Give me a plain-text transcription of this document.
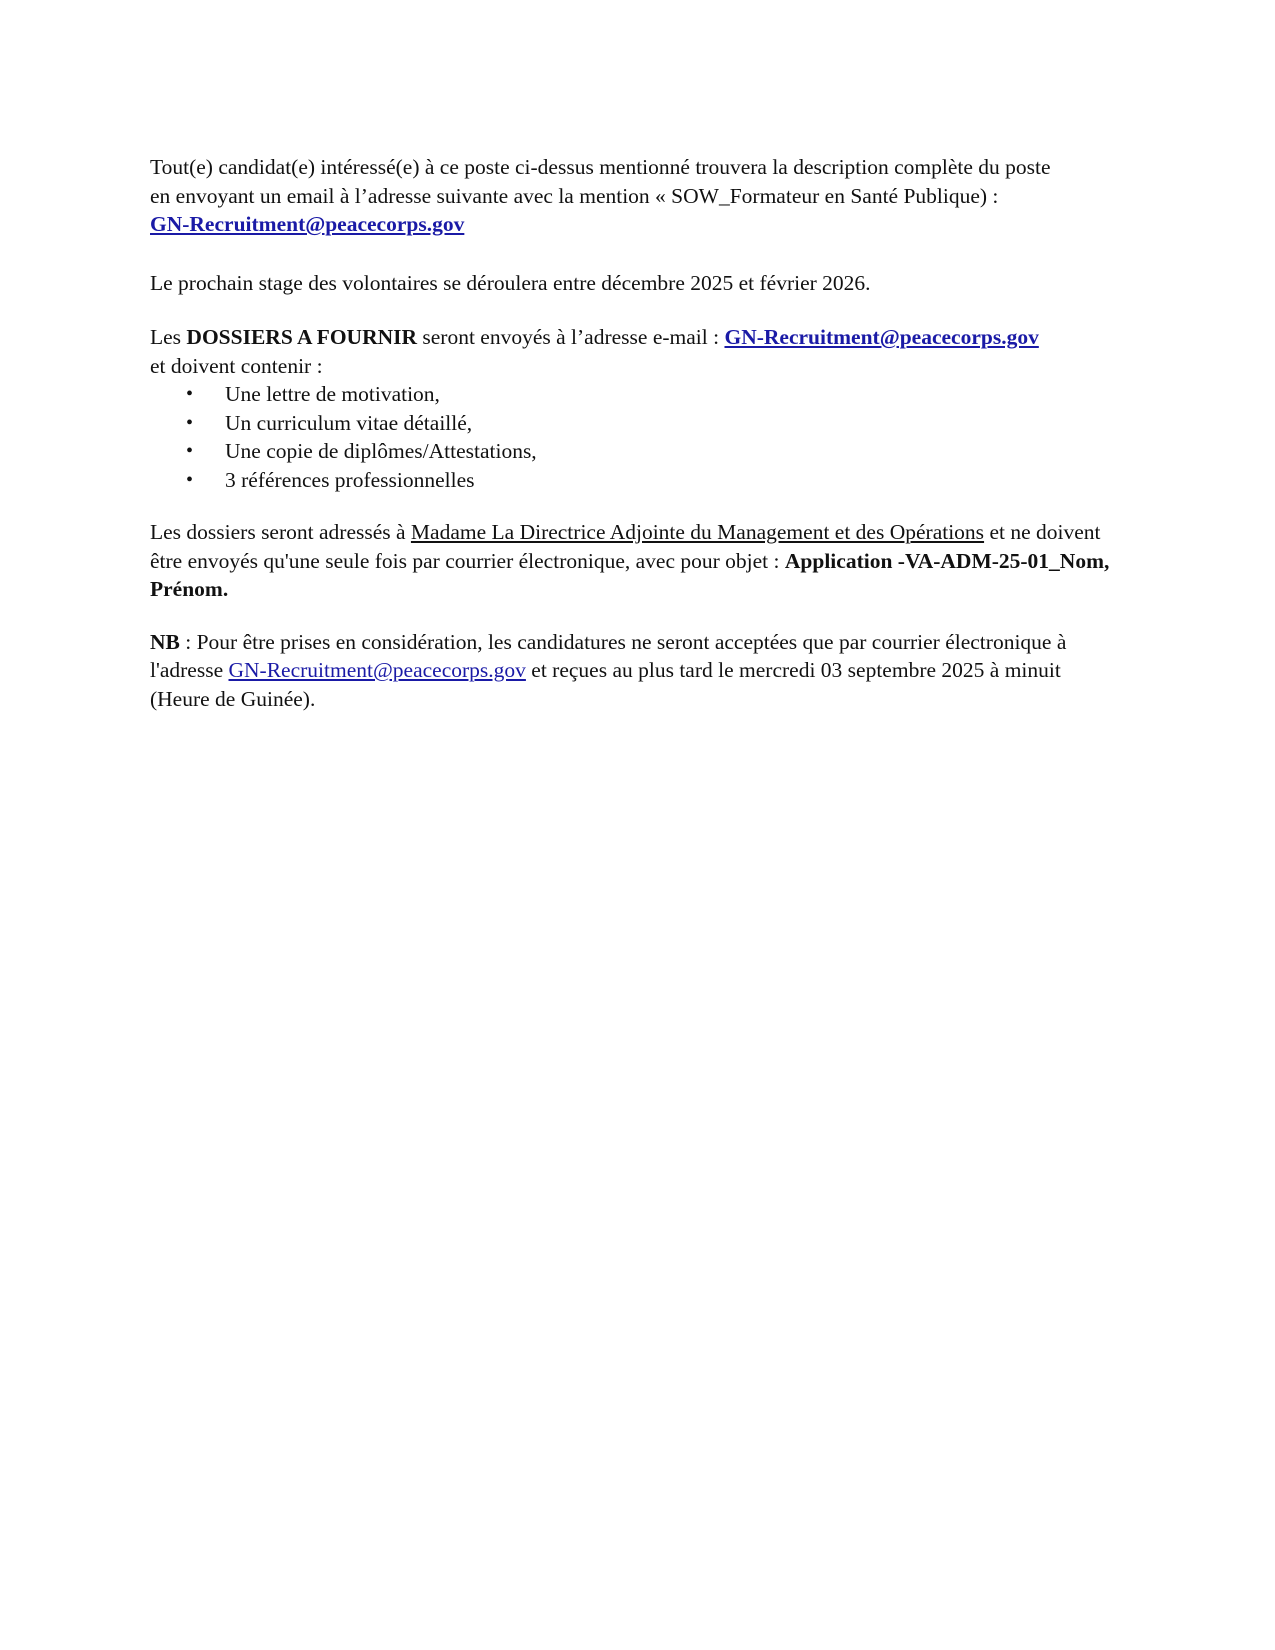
Tout(e) candidat(e) intéressé(e) à ce poste ci-dessus mentionné trouvera la description complète du poste
en envoyant un email à l’adresse suivante avec la mention « SOW_Formateur en Santé Publique) :
GN-Recruitment@peacecorps.gov

Le prochain stage des volontaires se déroulera entre décembre 2025 et février 2026.

Les DOSSIERS A FOURNIR seront envoyés à l’adresse e-mail : GN-Recruitment@peacecorps.gov
et doivent contenir :

• Une lettre de motivation,
• Un curriculum vitae détaillé,
• Une copie de diplômes/Attestations,
• 3 références professionnelles

Les dossiers seront adressés à Madame La Directrice Adjointe du Management et des Opérations et ne doivent être envoyés qu'une seule fois par courrier électronique, avec pour objet : Application -VA-ADM-25-01_Nom, Prénom.

NB : Pour être prises en considération, les candidatures ne seront acceptées que par courrier électronique à l'adresse GN-Recruitment@peacecorps.gov et reçues au plus tard le mercredi 03 septembre 2025 à minuit (Heure de Guinée).
